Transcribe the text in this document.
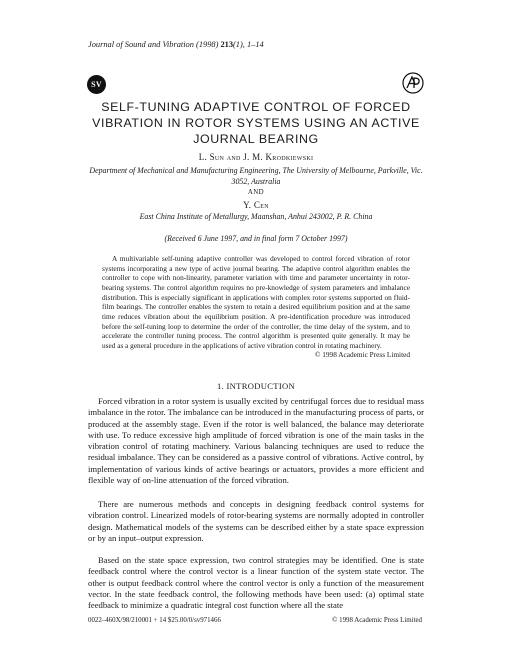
Journal of Sound and Vibration (1998) 213(1), 1–14
SV
SELF-TUNING ADAPTIVE CONTROL OF FORCED VIBRATION IN ROTOR SYSTEMS USING AN ACTIVE JOURNAL BEARING
L. Sun and J. M. Krodkiewski
Department of Mechanical and Manufacturing Engineering, The University of Melbourne, Parkville, Vic. 3052, Australia
AND
Y. Cen
East China Institute of Metallurgy, Maanshan, Anhui 243002, P. R. China
(Received 6 June 1997, and in final form 7 October 1997)
A multivariable self-tuning adaptive controller was developed to control forced vibration of rotor systems incorporating a new type of active journal bearing. The adaptive control algorithm enables the controller to cope with non-linearity, parameter variation with time and parameter uncertainty in rotor-bearing systems. The control algorithm requires no pre-knowledge of system parameters and imbalance distribution. This is especially significant in applications with complex rotor systems supported on fluid-film bearings. The controller enables the system to retain a desired equilibrium position and at the same time reduces vibration about the equilibrium position. A pre-identification procedure was introduced before the self-tuning loop to determine the order of the controller, the time delay of the system, and to accelerate the controller tuning process. The control algorithm is presented quite generally. It may be used as a general procedure in the applications of active vibration control in rotating machinery.
© 1998 Academic Press Limited
1. INTRODUCTION

Forced vibration in a rotor system is usually excited by centrifugal forces due to residual mass imbalance in the rotor. The imbalance can be introduced in the manufacturing process of parts, or produced at the assembly stage. Even if the rotor is well balanced, the balance may deteriorate with use. To reduce excessive high amplitude of forced vibration is one of the main tasks in the vibration control of rotating machinery. Various balancing techniques are used to reduce the residual imbalance. They can be considered as a passive control of vibrations. Active control, by implementation of various kinds of active bearings or actuators, provides a more efficient and flexible way of on-line attenuation of the forced vibration.

There are numerous methods and concepts in designing feedback control systems for vibration control. Linearized models of rotor-bearing systems are normally adopted in controller design. Mathematical models of the systems can be described either by a state space expression or by an input–output expression.

Based on the state space expression, two control strategies may be identified. One is state feedback control where the control vector is a linear function of the system state vector. The other is output feedback control where the control vector is only a function of the measurement vector. In the state feedback control, the following methods have been used: (a) optimal state feedback to minimize a quadratic integral cost function where all the state

0022–460X/98/210001 + 14 $25.00/0/sv971466	© 1998 Academic Press Limited
